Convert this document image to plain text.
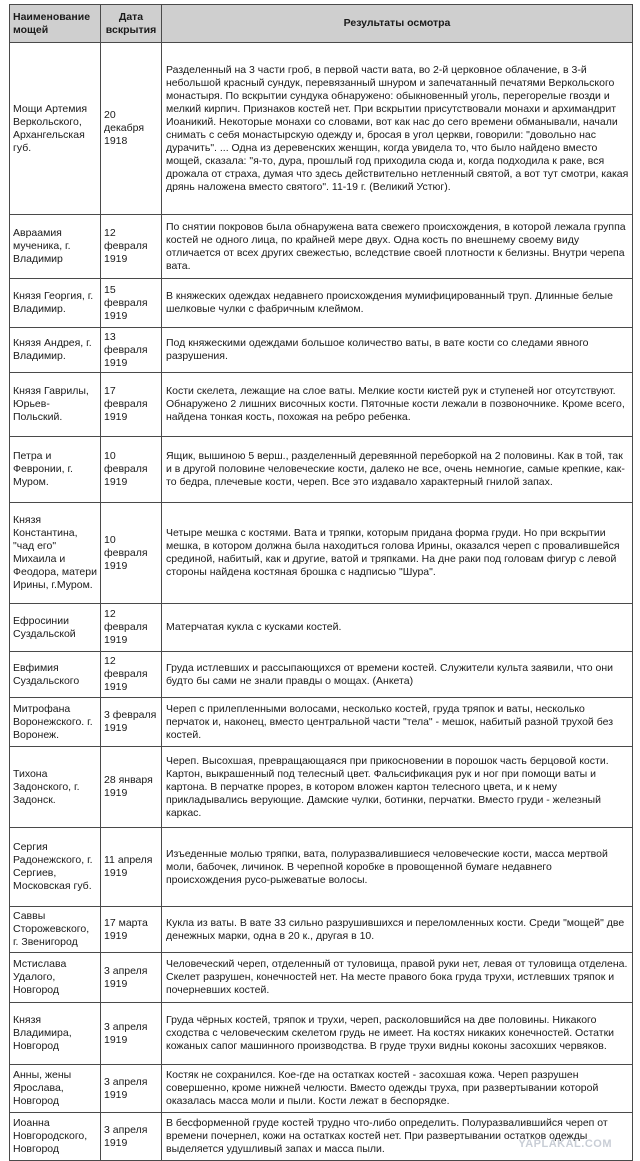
Наименование мощей	Дата вскрытия	Результаты осмотра
Мощи Артемия Веркольского, Архангельская губ.	20 декабря 1918	Разделенный на 3 части гроб, в первой части вата, во 2-й церковное облачение, в 3-й небольшой красный сундук, перевязанный шнуром и запечатанный печатями Веркольского монастыря. По вскрытии сундука обнаружено: обыкновенный уголь, перегорелые гвозди и мелкий кирпич. Признаков костей нет. При вскрытии присутствовали монахи и архимандрит Иоаникий. Некоторые монахи со словами, вот как нас до сего времени обманывали, начали снимать с себя монастырскую одежду и, бросая в угол церкви, говорили: "довольно нас дурачить". ... Одна из деревенских женщин, когда увидела то, что было найдено вместо мощей, сказала: "я-то, дура, прошлый год приходила сюда и, когда подходила к раке, вся дрожала от страха, думая что здесь действительно нетленный святой, а вот тут смотри, какая дрянь наложена вместо святого". 11-19 г. (Великий Устюг).
Авраамия мученика, г. Владимир	12 февраля 1919	По снятии покровов была обнаружена вата свежего происхождения, в которой лежала группа костей не одного лица, по крайней мере двух. Одна кость по внешнему своему виду отличается от всех других свежестью, вследствие своей плотности к белизны. Внутри черепа вата.
Князя Георгия, г. Владимир.	15 февраля 1919	В княжеских одеждах недавнего происхождения мумифицированный труп. Длинные белые шелковые чулки с фабричным клеймом.
Князя Андрея, г. Владимир.	13 февраля 1919	Под княжескими одеждами большое количество ваты, в вате кости со следами явного разрушения.
Князя Гаврилы, Юрьев-Польский.	17 февраля 1919	Кости скелета, лежащие на слое ваты. Мелкие кости кистей рук и ступеней ног отсутствуют. Обнаружено 2 лишних височных кости. Пяточные кости лежали в позвоночнике. Кроме всего, найдена тонкая кость, похожая на ребро ребенка.
Петра и Февронии, г. Муром.	10 февраля 1919	Ящик, вышиною 5 верш., разделенный деревянной переборкой на 2 половины. Как в той, так и в другой половине человеческие кости, далеко не все, очень немногие, самые крепкие, как-то бедра, плечевые кости, череп. Все это издавало характерный гнилой запах.
Князя Константина, "чад его" Михаила и Феодора, матери Ирины, г.Муром.	10 февраля 1919	Четыре мешка с костями. Вата и тряпки, которым придана форма груди. Но при вскрытии мешка, в котором должна была находиться голова Ирины, оказался череп с провалившейся срединой, набитый, как и другие, ватой и тряпками. На дне раки под головам фигур с левой стороны найдена костяная брошка с надписью "Шура".
Ефросинии Суздальской	12 февраля 1919	Матерчатая кукла с кусками костей.
Евфимия Суздальского	12 февраля 1919	Груда истлевших и рассыпающихся от времени костей. Служители культа заявили, что они будто бы сами не знали правды о мощах. (Анкета)
Митрофана Воронежского. г. Воронеж.	3 февраля 1919	Череп с прилепленными волосами, несколько костей, груда тряпок и ваты, несколько перчаток и, наконец, вместо центральной части "тела" - мешок, набитый разной трухой без костей.
Тихона Задонского, г. Задонск.	28 января 1919	Череп. Высохшая, превращающаяся при прикосновении в порошок часть берцовой кости. Картон, выкрашенный под телесный цвет. Фальсификация рук и ног при помощи ваты и картона. В перчатке прорез, в котором вложен картон телесного цвета, и к нему прикладывались верующие. Дамские чулки, ботинки, перчатки. Вместо груди - железный каркас.
Сергия Радонежского, г. Сергиев, Московская губ.	11 апреля 1919	Изъеденные молью тряпки, вата, полуразвалившиеся человеческие кости, масса мертвой моли, бабочек, личинок. В черепной коробке в провощенной бумаге недавнего происхождения русо-рыжеватые волосы.
Саввы Сторожевского, г. Звенигород	17 марта 1919	Кукла из ваты. В вате 33 сильно разрушившихся и переломленных кости. Среди "мощей" две денежных марки, одна в 20 к., другая в 10.
Мстислава Удалого, Новгород	3 апреля 1919	Человеческий череп, отделенный от туловища, правой руки нет, левая от туловища отделена. Скелет разрушен, конечностей нет. На месте правого бока груда трухи, истлевших тряпок и почерневших костей.
Князя Владимира, Новгород	3 апреля 1919	Груда чёрных костей, тряпок и трухи, череп, расколовшийся на две половины. Никакого сходства с человеческим скелетом грудь не имеет. На костях никаких конечностей. Остатки кожаных сапог машинного производства. В груде трухи видны коконы засохших червяков.
Анны, жены Ярослава, Новгород	3 апреля 1919	Костяк не сохранился. Кое-где на остатках костей - засохшая кожа. Череп разрушен совершенно, кроме нижней челюсти. Вместо одежды труха, при развертывании которой оказалась масса моли и пыли. Кости лежат в беспорядке.
Иоанна Новгородского, Новгород	3 апреля 1919	В бесформенной груде костей трудно что-либо определить. Полуразвалившийся череп от времени почернел, кожи на остатках костей нет. При развертывании остатков одежды выделяется удушливый запах и масса пыли.	YAPLAKAL.COM
